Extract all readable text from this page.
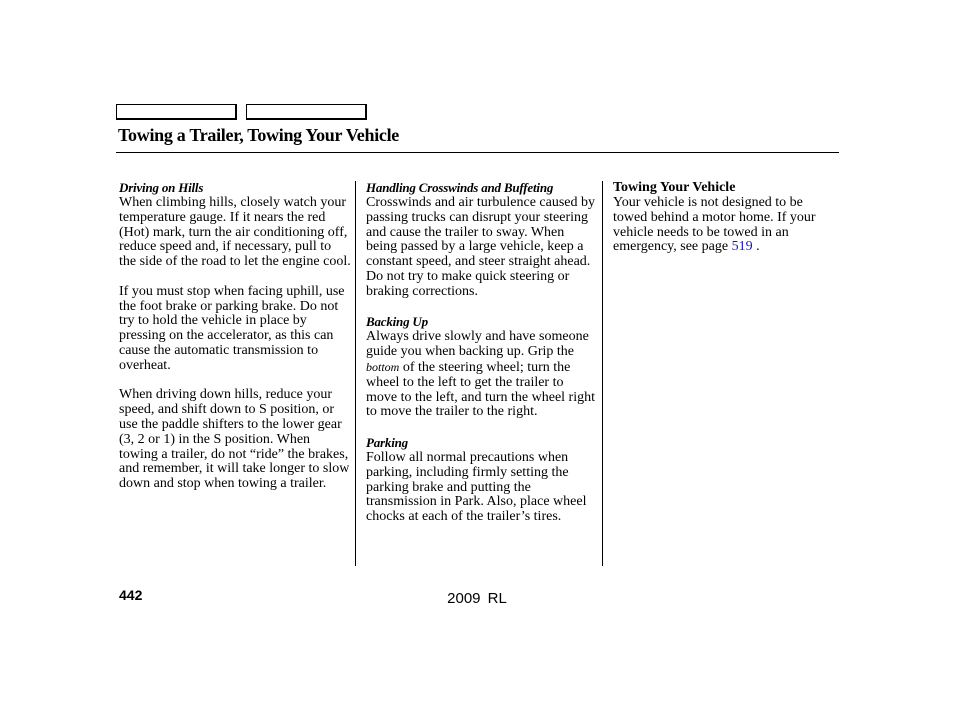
Towing a Trailer, Towing Your Vehicle
Driving on Hills
When climbing hills, closely watch your temperature gauge. If it nears the red (Hot) mark, turn the air conditioning off, reduce speed and, if necessary, pull to the side of the road to let the engine cool.
If you must stop when facing uphill, use the foot brake or parking brake. Do not try to hold the vehicle in place by pressing on the accelerator, as this can cause the automatic transmission to overheat.
When driving down hills, reduce your speed, and shift down to S position, or use the paddle shifters to the lower gear (3, 2 or 1) in the S position. When towing a trailer, do not “ride” the brakes, and remember, it will take longer to slow down and stop when towing a trailer.
Handling Crosswinds and Buffeting
Crosswinds and air turbulence caused by passing trucks can disrupt your steering and cause the trailer to sway. When being passed by a large vehicle, keep a constant speed, and steer straight ahead. Do not try to make quick steering or braking corrections.
Backing Up
Always drive slowly and have someone guide you when backing up. Grip the bottom of the steering wheel; turn the wheel to the left to get the trailer to move to the left, and turn the wheel right to move the trailer to the right.
Parking
Follow all normal precautions when parking, including firmly setting the parking brake and putting the transmission in Park. Also, place wheel chocks at each of the trailer’s tires.
Towing Your Vehicle
Your vehicle is not designed to be towed behind a motor home. If your vehicle needs to be towed in an emergency, see page 519 .
442	2009 RL
